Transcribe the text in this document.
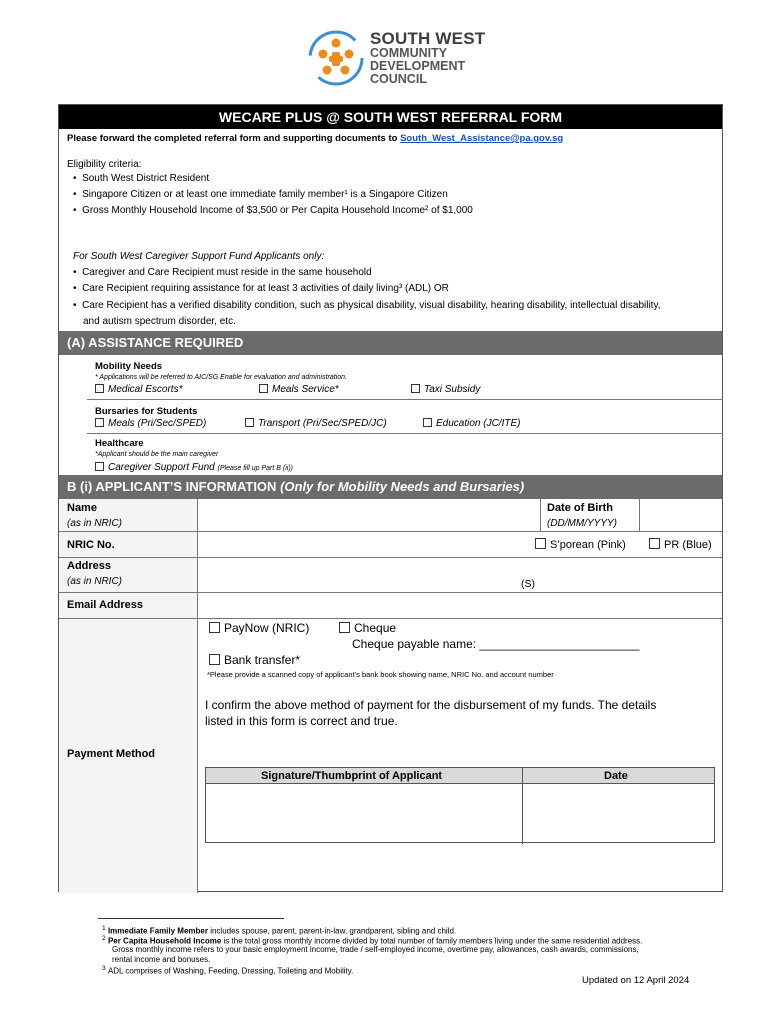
SOUTH WEST
COMMUNITY
DEVELOPMENT
COUNCIL
WECARE PLUS @ SOUTH WEST REFERRAL FORM
Please forward the completed referral form and supporting documents to South_West_Assistance@pa.gov.sg
Eligibility criteria:
•  South West District Resident
•  Singapore Citizen or at least one immediate family member¹ is a Singapore Citizen
•  Gross Monthly Household Income of $3,500 or Per Capita Household Income² of $1,000
For South West Caregiver Support Fund Applicants only:
•  Caregiver and Care Recipient must reside in the same household
•  Care Recipient requiring assistance for at least 3 activities of daily living³ (ADL) OR
•  Care Recipient has a verified disability condition, such as physical disability, visual disability, hearing disability, intellectual disability,
and autism spectrum disorder, etc.
(A) ASSISTANCE REQUIRED
Mobility Needs
* Applications will be referred to AIC/SG Enable for evaluation and administration.
Medical Escorts*	Meals Service*	Taxi Subsidy
Bursaries for Students
Meals (Pri/Sec/SPED)	Transport (Pri/Sec/SPED/JC)	Education (JC/ITE)
Healthcare
*Applicant should be the main caregiver
Caregiver Support Fund (Please fill up Part B (ii))
B (i) APPLICANT’S INFORMATION (Only for Mobility Needs and Bursaries)
Name
(as in NRIC)
Date of Birth
(DD/MM/YYYY)
NRIC No.	S’porean (Pink)	PR (Blue)
Address
(as in NRIC)	(S)
Email Address
Payment Method
PayNow (NRIC)	Cheque
Cheque payable name: ________________________
Bank transfer*
*Please provide a scanned copy of applicant’s bank book showing name, NRIC No. and account number
I confirm the above method of payment for the disbursement of my funds. The details
listed in this form is correct and true.
Signature/Thumbprint of Applicant	Date
$^1$ Immediate Family Member includes spouse, parent, parent-in-law, grandparent, sibling and child.
$^2$ Per Capita Household Income is the total gross monthly income divided by total number of family members living under the same residential address.
Gross monthly income refers to your basic employment income, trade / self-employed income, overtime pay, allowances, cash awards, commissions,
rental income and bonuses.
$^3$ ADL comprises of Washing, Feeding, Dressing, Toileting and Mobility.
Updated on 12 April 2024
